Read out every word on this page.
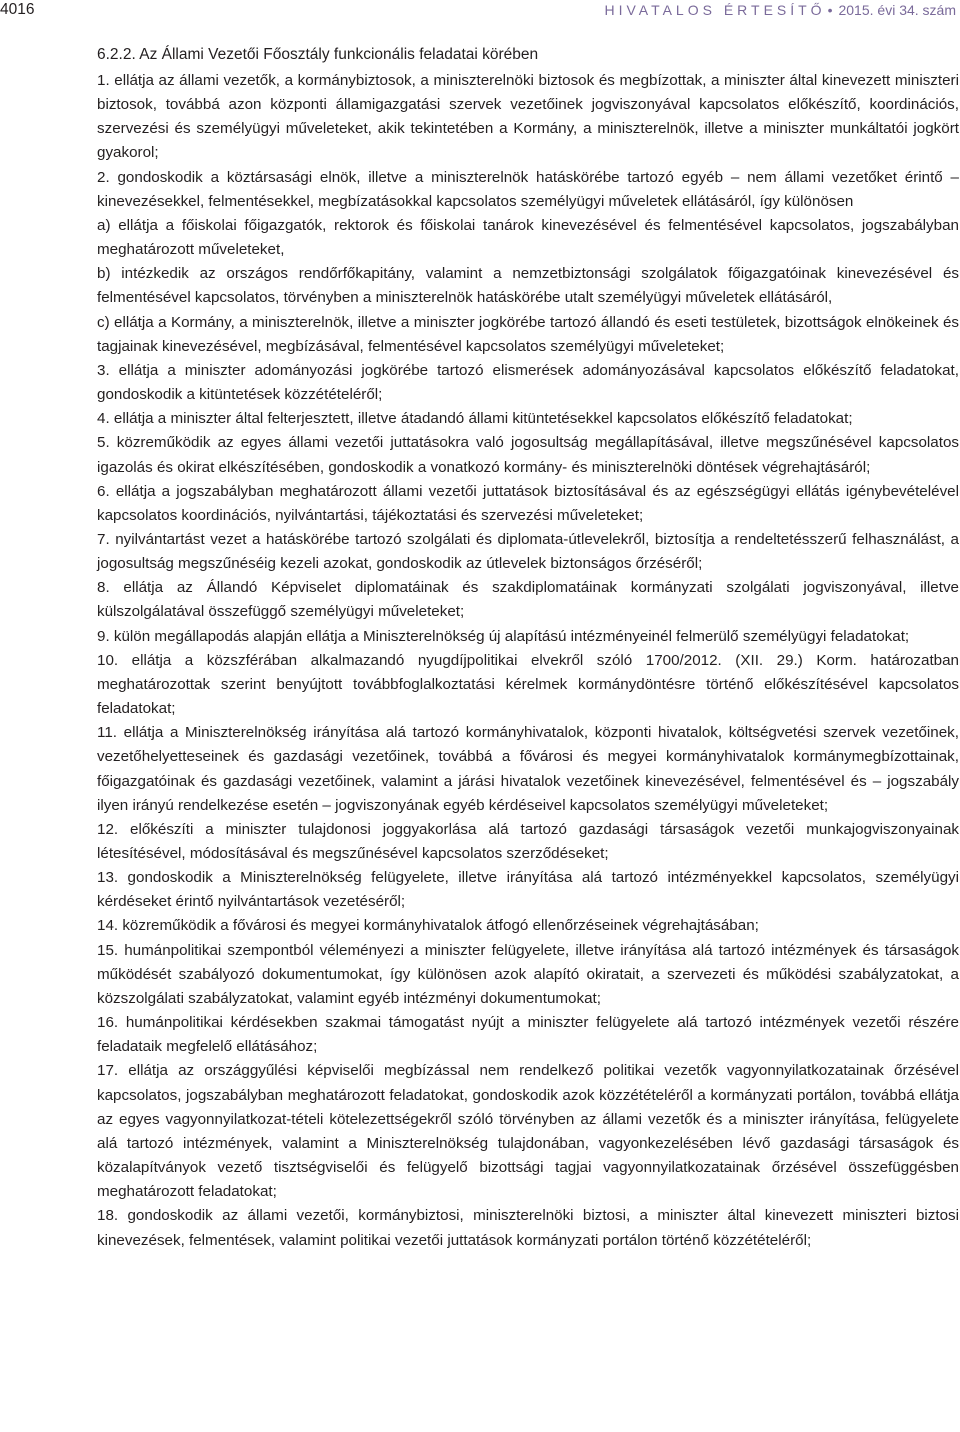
4016	HIVATALOS ÉRTESÍTŐ • 2015. évi 34. szám
6.2.2. Az Állami Vezetői Főosztály funkcionális feladatai körében

1. ellátja az állami vezetők, a kormánybiztosok, a miniszterelnöki biztosok és megbízottak, a miniszter által kinevezett miniszteri biztosok, továbbá azon központi államigazgatási szervek vezetőinek jogviszonyával kapcsolatos előkészítő, koordinációs, szervezési és személyügyi műveleteket, akik tekintetében a Kormány, a miniszterelnök, illetve a miniszter munkáltatói jogkört gyakorol;

2. gondoskodik a köztársasági elnök, illetve a miniszterelnök hatáskörébe tartozó egyéb – nem állami vezetőket érintő – kinevezésekkel, felmentésekkel, megbízatásokkal kapcsolatos személyügyi műveletek ellátásáról, így különösen

a) ellátja a főiskolai főigazgatók, rektorok és főiskolai tanárok kinevezésével és felmentésével kapcsolatos, jogszabályban meghatározott műveleteket,

b) intézkedik az országos rendőrfőkapitány, valamint a nemzetbiztonsági szolgálatok főigazgatóinak kinevezésével és felmentésével kapcsolatos, törvényben a miniszterelnök hatáskörébe utalt személyügyi műveletek ellátásáról,

c) ellátja a Kormány, a miniszterelnök, illetve a miniszter jogkörébe tartozó állandó és eseti testületek, bizottságok elnökeinek és tagjainak kinevezésével, megbízásával, felmentésével kapcsolatos személyügyi műveleteket;

3. ellátja a miniszter adományozási jogkörébe tartozó elismerések adományozásával kapcsolatos előkészítő feladatokat, gondoskodik a kitüntetések közzétételéről;

4. ellátja a miniszter által felterjesztett, illetve átadandó állami kitüntetésekkel kapcsolatos előkészítő feladatokat;

5. közreműködik az egyes állami vezetői juttatásokra való jogosultság megállapításával, illetve megszűnésével kapcsolatos igazolás és okirat elkészítésében, gondoskodik a vonatkozó kormány- és miniszterelnöki döntések végrehajtásáról;

6. ellátja a jogszabályban meghatározott állami vezetői juttatások biztosításával és az egészségügyi ellátás igénybevételével kapcsolatos koordinációs, nyilvántartási, tájékoztatási és szervezési műveleteket;

7. nyilvántartást vezet a hatáskörébe tartozó szolgálati és diplomata-útlevelekről, biztosítja a rendeltetésszerű felhasználást, a jogosultság megszűnéséig kezeli azokat, gondoskodik az útlevelek biztonságos őrzéséről;

8. ellátja az Állandó Képviselet diplomatáinak és szakdiplomatáinak kormányzati szolgálati jogviszonyával, illetve külszolgálatával összefüggő személyügyi műveleteket;

9. külön megállapodás alapján ellátja a Miniszterelnökség új alapítású intézményeinél felmerülő személyügyi feladatokat;

10. ellátja a közszférában alkalmazandó nyugdíjpolitikai elvekről szóló 1700/2012. (XII. 29.) Korm. határozatban meghatározottak szerint benyújtott továbbfoglalkoztatási kérelmek kormánydöntésre történő előkészítésével kapcsolatos feladatokat;

11. ellátja a Miniszterelnökség irányítása alá tartozó kormányhivatalok, központi hivatalok, költségvetési szervek vezetőinek, vezetőhelyetteseinek és gazdasági vezetőinek, továbbá a fővárosi és megyei kormányhivatalok kormánymegbízottainak, főigazgatóinak és gazdasági vezetőinek, valamint a járási hivatalok vezetőinek kinevezésével, felmentésével és – jogszabály ilyen irányú rendelkezése esetén – jogviszonyának egyéb kérdéseivel kapcsolatos személyügyi műveleteket;

12. előkészíti a miniszter tulajdonosi joggyakorlása alá tartozó gazdasági társaságok vezetői munkajogviszonyainak létesítésével, módosításával és megszűnésével kapcsolatos szerződéseket;

13. gondoskodik a Miniszterelnökség felügyelete, illetve irányítása alá tartozó intézményekkel kapcsolatos, személyügyi kérdéseket érintő nyilvántartások vezetéséről;

14. közreműködik a fővárosi és megyei kormányhivatalok átfogó ellenőrzéseinek végrehajtásában;

15. humánpolitikai szempontból véleményezi a miniszter felügyelete, illetve irányítása alá tartozó intézmények és társaságok működését szabályozó dokumentumokat, így különösen azok alapító okiratait, a szervezeti és működési szabályzatokat, a közszolgálati szabályzatokat, valamint egyéb intézményi dokumentumokat;

16. humánpolitikai kérdésekben szakmai támogatást nyújt a miniszter felügyelete alá tartozó intézmények vezetői részére feladataik megfelelő ellátásához;

17. ellátja az országgyűlési képviselői megbízással nem rendelkező politikai vezetők vagyonnyilatkozatainak őrzésével kapcsolatos, jogszabályban meghatározott feladatokat, gondoskodik azok közzétételéről a kormányzati portálon, továbbá ellátja az egyes vagyonnyilatkozat-tételi kötelezettségekről szóló törvényben az állami vezetők és a miniszter irányítása, felügyelete alá tartozó intézmények, valamint a Miniszterelnökség tulajdonában, vagyonkezelésében lévő gazdasági társaságok és közalapítványok vezető tisztségviselői és felügyelő bizottsági tagjai vagyonnyilatkozatainak őrzésével összefüggésben meghatározott feladatokat;

18. gondoskodik az állami vezetői, kormánybiztosi, miniszterelnöki biztosi, a miniszter által kinevezett miniszteri biztosi kinevezések, felmentések, valamint politikai vezetői juttatások kormányzati portálon történő közzétételéről;
